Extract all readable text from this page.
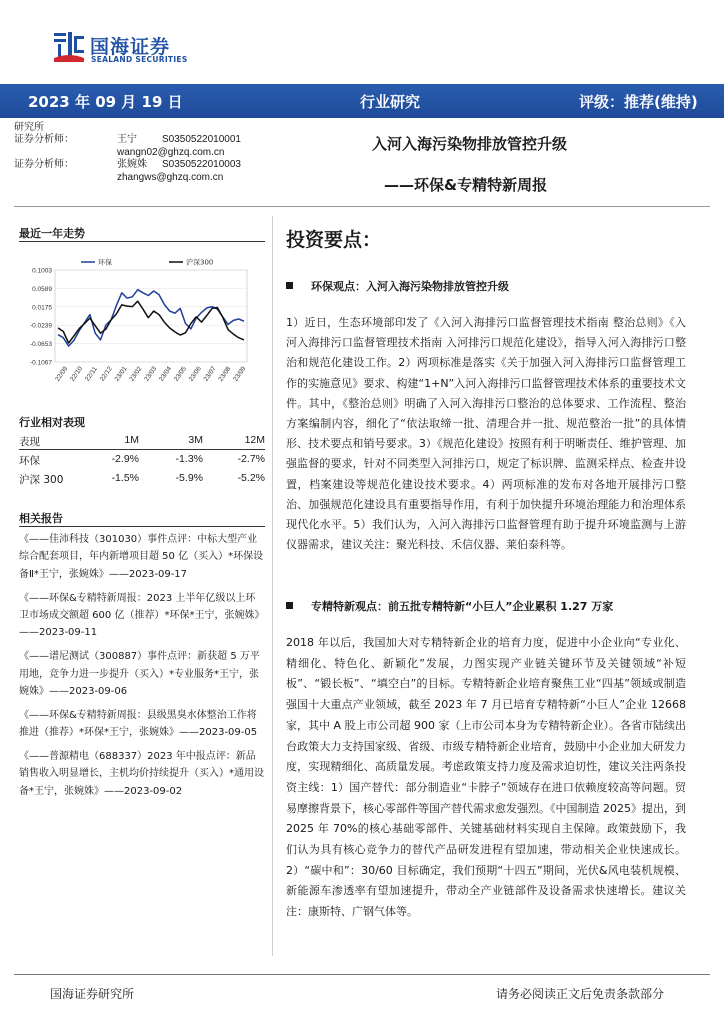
国海证券
SEALAND SECURITIES
2023 年 09 月 19 日	行业研究	评级：推荐(维持)
研究所
证券分析师：	王宁	S0350522010001
wangn02@ghzq.com.cn
证券分析师：	张婉姝 S0350522010003
zhangws@ghzq.com.cn
入河入海污染物排放管控升级
——环保&专精特新周报
最近一年走势
0.1003
0.0589
0.0175
-0.0239
-0.0653
-0.1067
22/09 22/10 22/11 22/12 23/01 23/02 23/03 23/04 23/05 23/06 23/07 23/08 23/09
环保	沪深300
行业相对表现
表现	1M	3M	12M
环保	-2.9%	-1.3%	-2.7%
沪深 300	-1.5%	-5.9%	-5.2%
相关报告
《——佳沛科技（301030）事件点评：中标大型产业综合配套项目，年内新增项目超 50 亿（买入）*环保设备Ⅱ*王宁，张婉姝》——2023-09-17
《——环保&专精特新周报：2023 上半年亿级以上环卫市场成交额超 600 亿（推荐）*环保*王宁，张婉姝》——2023-09-11
《——谱尼测试（300887）事件点评：新获超 5 万平用地，竞争力进一步提升（买入）*专业服务*王宁，张婉姝》——2023-09-06
《——环保&专精特新周报：县级黑臭水体整治工作将推进（推荐）*环保*王宁，张婉姝》——2023-09-05
《——普源精电（688337）2023 年中报点评：新品销售收入明显增长，主机均价持续提升（买入）*通用设备*王宁，张婉姝》——2023-09-02
投资要点：
环保观点：入河入海污染物排放管控升级
1）近日，生态环境部印发了《入河入海排污口监督管理技术指南 整治总则》《入河入海排污口监督管理技术指南 入河排污口规范化建设》，指导入河入海排污口整治和规范化建设工作。2）两项标准是落实《关于加强入河入海排污口监督管理工作的实施意见》要求、构建“1+N”入河入海排污口监督管理技术体系的重要技术文件。其中，《整治总则》明确了入河入海排污口整治的总体要求、工作流程、整治方案编制内容，细化了“依法取缔一批、清理合并一批、规范整治一批”的具体情形、技术要点和销号要求。3）《规范化建设》按照有利于明晰责任、维护管理、加强监督的要求，针对不同类型入河排污口，规定了标识牌、监测采样点、检查井设置，档案建设等规范化建设技术要求。4）两项标准的发布对各地开展排污口整治、加强规范化建设具有重要指导作用，有利于加快提升环境治理能力和治理体系现代化水平。5）我们认为，入河入海排污口监督管理有助于提升环境监测与上游仪器需求，建议关注：聚光科技、禾信仪器、莱伯泰科等。
专精特新观点：前五批专精特新“小巨人”企业累积 1.27 万家
2018 年以后，我国加大对专精特新企业的培育力度，促进中小企业向“专业化、精细化、特色化、新颖化”发展，力图实现产业链关键环节及关键领域“补短板”、“锻长板”、“填空白”的目标。专精特新企业培育聚焦工业“四基”领域或制造强国十大重点产业领域，截至 2023 年 7 月已培育专精特新“小巨人”企业 12668 家，其中 A 股上市公司超 900 家（上市公司本身为专精特新企业）。各省市陆续出台政策大力支持国家级、省级、市级专精特新企业培育，鼓励中小企业加大研发力度，实现精细化、高质量发展。考虑政策支持力度及需求迫切性，建议关注两条投资主线：1）国产替代：部分制造业“卡脖子”领域存在进口依赖度较高等问题。贸易摩擦背景下，核心零部件等国产替代需求愈发强烈。《中国制造 2025》提出，到 2025 年 70%的核心基础零部件、关键基础材料实现自主保障。政策鼓励下，我们认为具有核心竞争力的替代产品研发进程有望加速，带动相关企业快速成长。2）“碳中和”：30/60 目标确定，我们预期“十四五”期间，光伏&风电装机规模、新能源车渗透率有望加速提升，带动全产业链部件及设备需求快速增长。建议关注：康斯特、广钢气体等。
国海证券研究所	请务必阅读正文后免责条款部分
